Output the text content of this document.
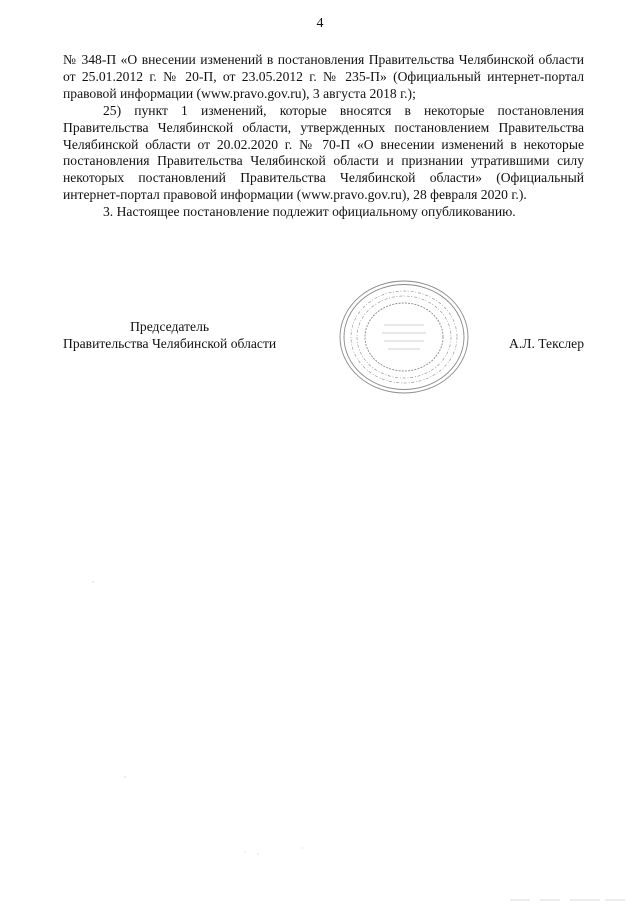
4

№ 348-П «О внесении изменений в постановления Правительства Челябинской области от 25.01.2012 г. № 20-П, от 23.05.2012 г. № 235-П» (Официальный интернет-портал правовой информации (www.pravo.gov.ru), 3 августа 2018 г.);

25) пункт 1 изменений, которые вносятся в некоторые постановления Правительства Челябинской области, утвержденных постановлением Правительства Челябинской области от 20.02.2020 г. № 70-П «О внесении изменений в некоторые постановления Правительства Челябинской области и признании утратившими силу некоторых постановлений Правительства Челябинской области» (Официальный интернет-портал правовой информации (www.pravo.gov.ru), 28 февраля 2020 г.).

3. Настоящее постановление подлежит официальному опубликованию.

Председатель
Правительства Челябинской области	А.Л. Текслер
